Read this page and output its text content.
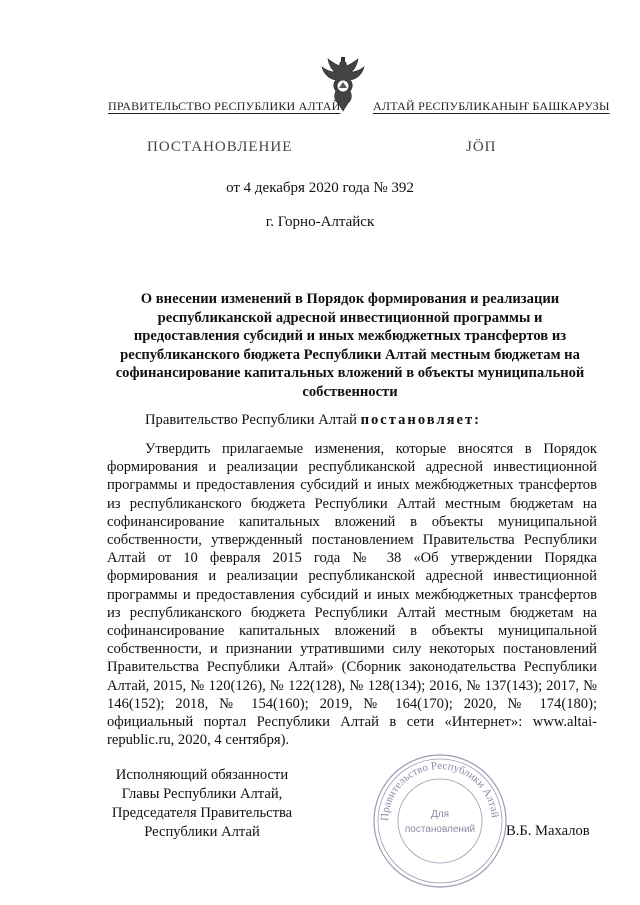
ПРАВИТЕЛЬСТВО РЕСПУБЛИКИ АЛТАЙ	АЛТАЙ РЕСПУБЛИКАНЫҤ БАШКАРУЗЫ
ПОСТАНОВЛЕНИЕ	ЈӦП
от 4 декабря 2020 года № 392
г. Горно-Алтайск
О внесении изменений в Порядок формирования и реализации республиканской адресной инвестиционной программы и предоставления субсидий и иных межбюджетных трансфертов из республиканского бюджета Республики Алтай местным бюджетам на софинансирование капитальных вложений в объекты муниципальной собственности
Правительство Республики Алтай постановляет:
Утвердить прилагаемые изменения, которые вносятся в Порядок формирования и реализации республиканской адресной инвестиционной программы и предоставления субсидий и иных межбюджетных трансфертов из республиканского бюджета Республики Алтай местным бюджетам на софинансирование капитальных вложений в объекты муниципальной собственности, утвержденный постановлением Правительства Республики Алтай от 10 февраля 2015 года № 38 «Об утверждении Порядка формирования и реализации республиканской адресной инвестиционной программы и предоставления субсидий и иных межбюджетных трансфертов из республиканского бюджета Республики Алтай местным бюджетам на софинансирование капитальных вложений в объекты муниципальной собственности, и признании утратившими силу некоторых постановлений Правительства Республики Алтай» (Сборник законодательства Республики Алтай, 2015, № 120(126), № 122(128), № 128(134); 2016, № 137(143); 2017, № 146(152); 2018, № 154(160); 2019, № 164(170); 2020, № 174(180); официальный портал Республики Алтай в сети «Интернет»: www.altai-republic.ru, 2020, 4 сентября).
Исполняющий обязанности
Главы Республики Алтай,
Председателя Правительства
Республики Алтай
Правительство Республики Алтай
Для
постановлений В.Б. Махалов
